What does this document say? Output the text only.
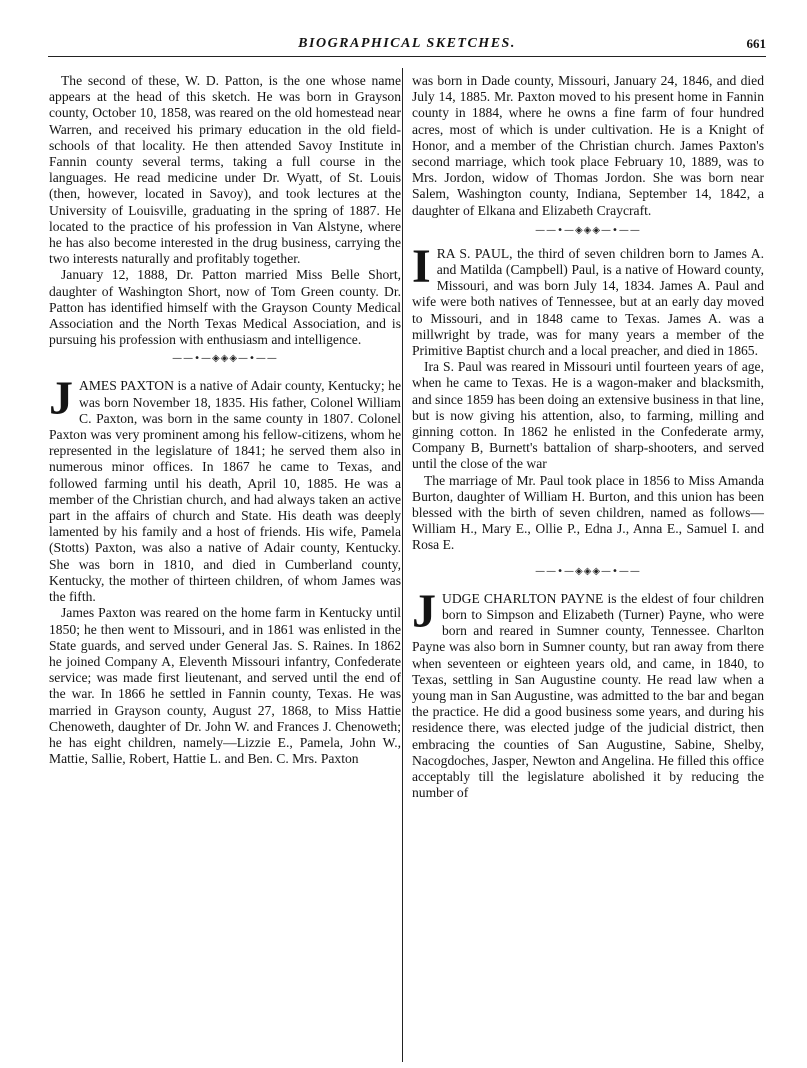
BIOGRAPHICAL SKETCHES.	661

The second of these, W. D. Patton, is the one whose name appears at the head of this sketch. He was born in Grayson county, October 10, 1858, was reared on the old homestead near Warren, and received his primary education in the old field-schools of that locality. He then attended Savoy Institute in Fannin county several terms, taking a full course in the languages. He read medicine under Dr. Wyatt, of St. Louis (then, however, located in Savoy), and took lectures at the University of Louisville, graduating in the spring of 1887. He located to the practice of his profession in Van Alstyne, where he has also become interested in the drug business, carrying the two interests naturally and profitably together.

January 12, 1888, Dr. Patton married Miss Belle Short, daughter of Washington Short, now of Tom Green county. Dr. Patton has identified himself with the Grayson County Medical Association and the North Texas Medical Association, and is pursuing his profession with enthusiasm and intelligence.

——•—◈◈◈—•——

JAMES PAXTON is a native of Adair county, Kentucky; he was born November 18, 1835. His father, Colonel William C. Paxton, was born in the same county in 1807. Colonel Paxton was very prominent among his fellow-citizens, whom he represented in the legislature of 1841; he served them also in numerous minor offices. In 1867 he came to Texas, and followed farming until his death, April 10, 1885. He was a member of the Christian church, and had always taken an active part in the affairs of church and State. His death was deeply lamented by his family and a host of friends. His wife, Pamela (Stotts) Paxton, was also a native of Adair county, Kentucky. She was born in 1810, and died in Cumberland county, Kentucky, the mother of thirteen children, of whom James was the fifth.

James Paxton was reared on the home farm in Kentucky until 1850; he then went to Missouri, and in 1861 was enlisted in the State guards, and served under General Jas. S. Raines. In 1862 he joined Company A, Eleventh Missouri infantry, Confederate service; was made first lieutenant, and served until the end of the war. In 1866 he settled in Fannin county, Texas. He was married in Grayson county, August 27, 1868, to Miss Hattie Chenoweth, daughter of Dr. John W. and Frances J. Chenoweth; he has eight children, namely—Lizzie E., Pamela, John W., Mattie, Sallie, Robert, Hattie L. and Ben. C. Mrs. Paxton

was born in Dade county, Missouri, January 24, 1846, and died July 14, 1885. Mr. Paxton moved to his present home in Fannin county in 1884, where he owns a fine farm of four hundred acres, most of which is under cultivation. He is a Knight of Honor, and a member of the Christian church. James Paxton's second marriage, which took place February 10, 1889, was to Mrs. Jordon, widow of Thomas Jordon. She was born near Salem, Washington county, Indiana, September 14, 1842, a daughter of Elkana and Elizabeth Craycraft.

——•—◈◈◈—•——

IRA S. PAUL, the third of seven children born to James A. and Matilda (Campbell) Paul, is a native of Howard county, Missouri, and was born July 14, 1834. James A. Paul and wife were both natives of Tennessee, but at an early day moved to Missouri, and in 1848 came to Texas. James A. was a millwright by trade, was for many years a member of the Primitive Baptist church and a local preacher, and died in 1865.

Ira S. Paul was reared in Missouri until fourteen years of age, when he came to Texas. He is a wagon-maker and blacksmith, and since 1859 has been doing an extensive business in that line, but is now giving his attention, also, to farming, milling and ginning cotton. In 1862 he enlisted in the Confederate army, Company B, Burnett's battalion of sharp-shooters, and served until the close of the war

The marriage of Mr. Paul took place in 1856 to Miss Amanda Burton, daughter of William H. Burton, and this union has been blessed with the birth of seven children, named as follows—William H., Mary E., Ollie P., Edna J., Anna E., Samuel I. and Rosa E.

——•—◈◈◈—•——

JUDGE CHARLTON PAYNE is the eldest of four children born to Simpson and Elizabeth (Turner) Payne, who were born and reared in Sumner county, Tennessee. Charlton Payne was also born in Sumner county, but ran away from there when seventeen or eighteen years old, and came, in 1840, to Texas, settling in San Augustine county. He read law when a young man in San Augustine, was admitted to the bar and began the practice. He did a good business some years, and during his residence there, was elected judge of the judicial district, then embracing the counties of San Augustine, Sabine, Shelby, Nacogdoches, Jasper, Newton and Angelina. He filled this office acceptably till the legislature abolished it by reducing the number of
